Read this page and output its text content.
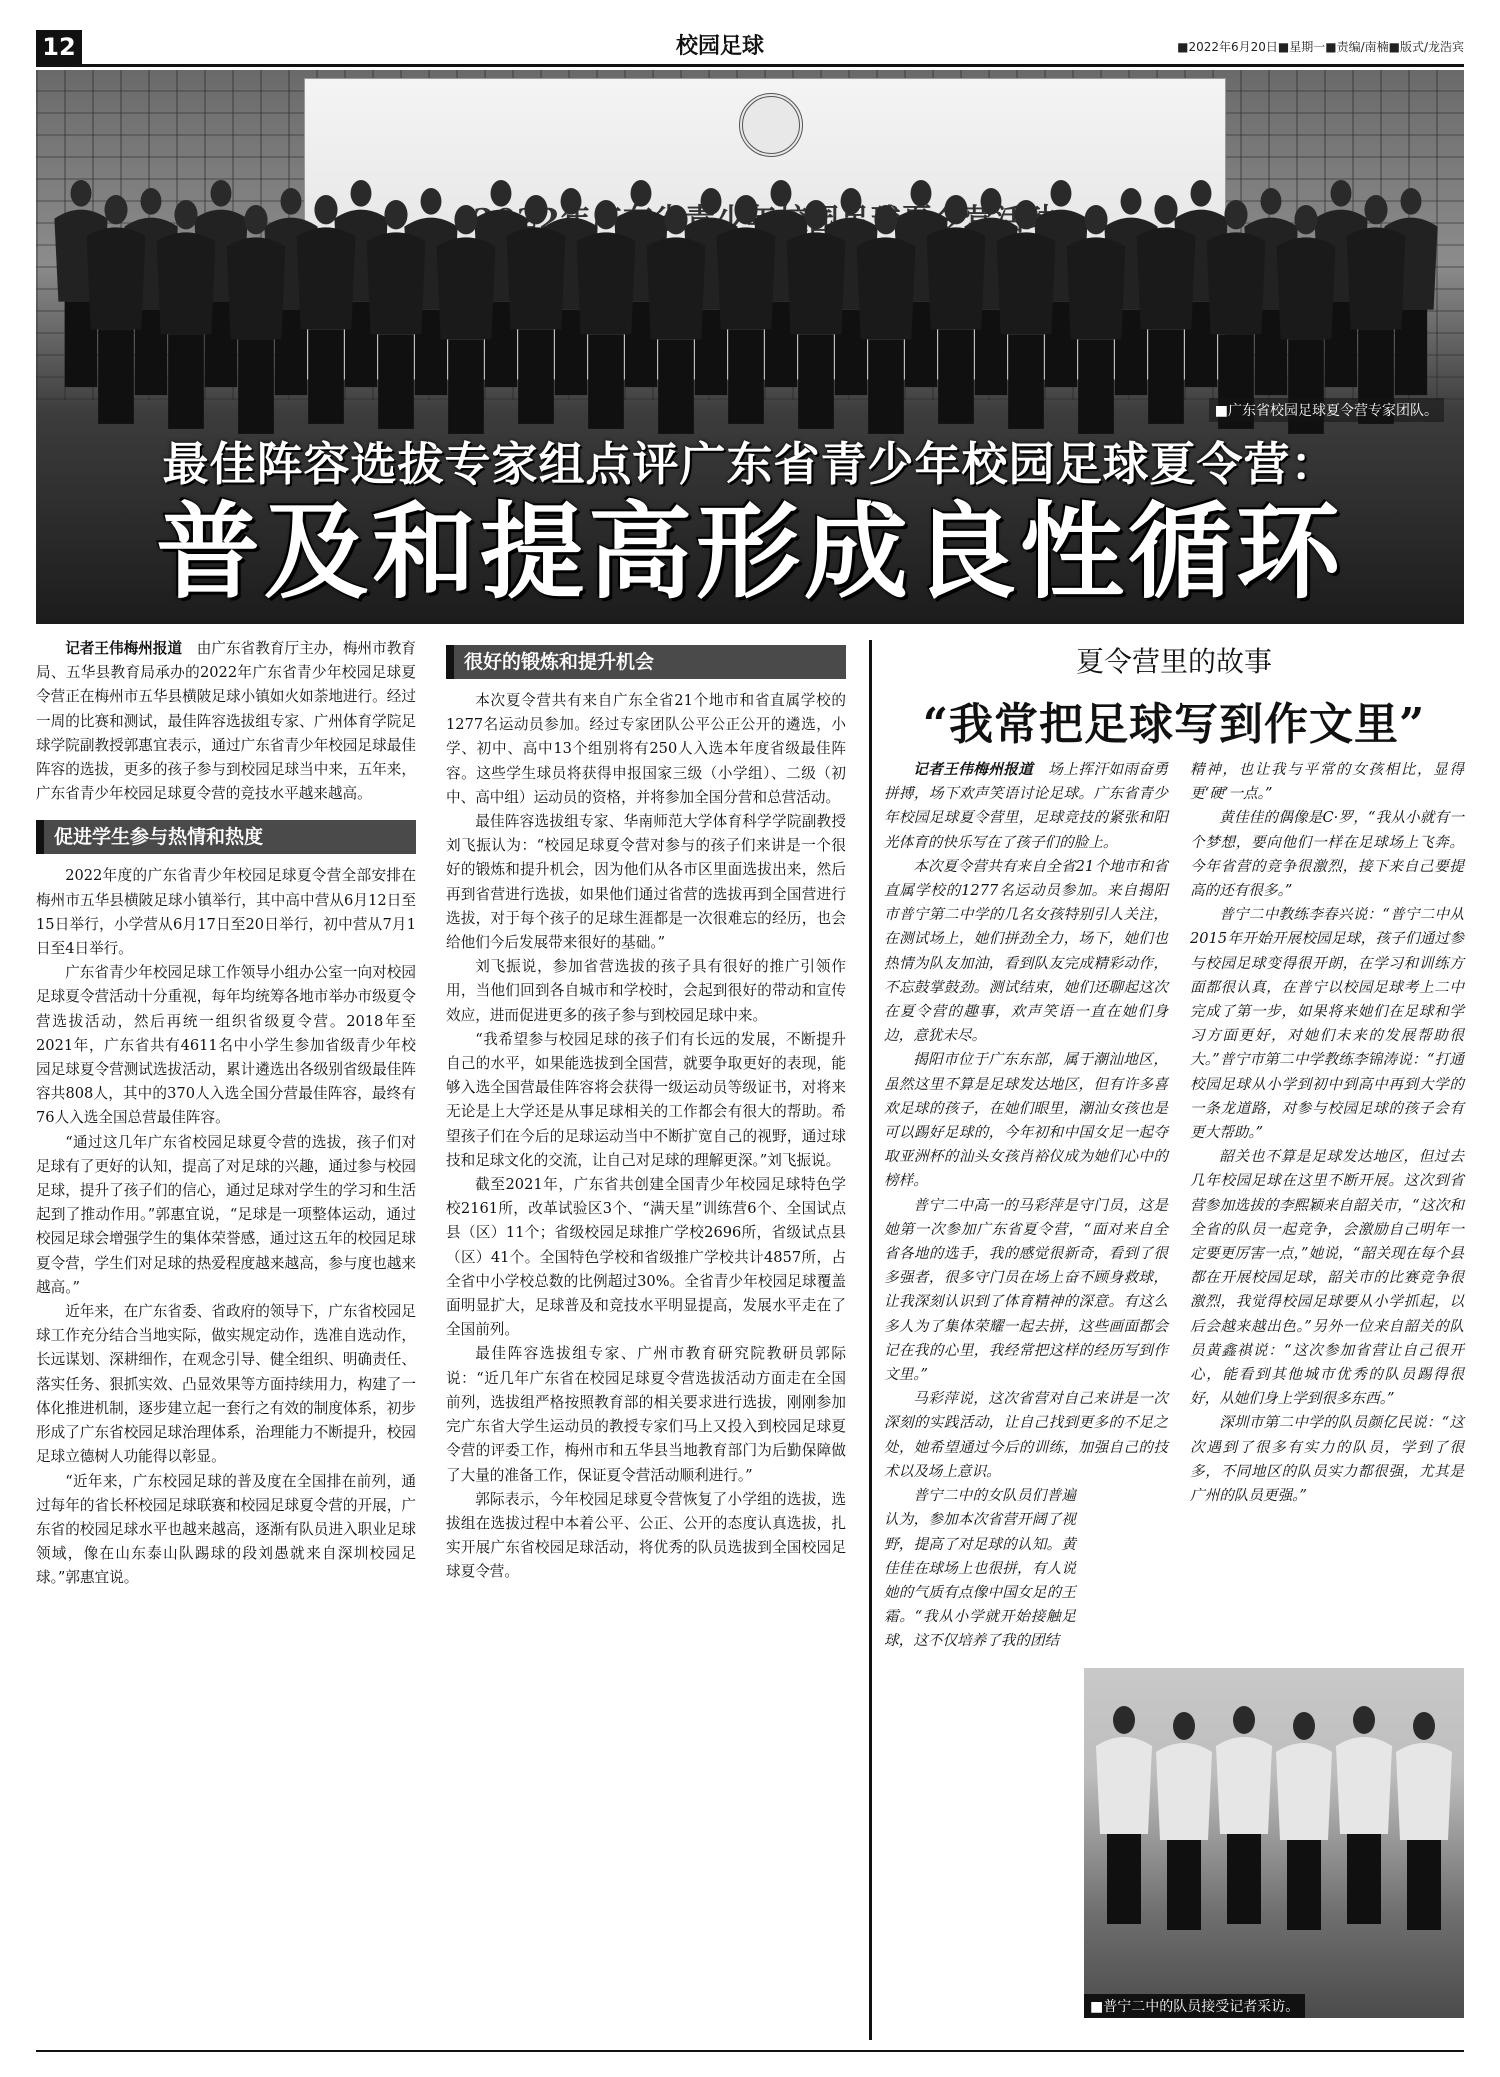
12	校园足球	■2022年6月20日■星期一■责编/南楠■版式/龙浩宾
■广东省校园足球夏令营专家团队。
最佳阵容选拔专家组点评广东省青少年校园足球夏令营：
普及和提高形成良性循环

记者王伟梅州报道　 由广东省教育厅主办，梅州市教育局、五华县教育局承办的2022年广东省青少年校园足球夏令营正在梅州市五华县横陂足球小镇如火如荼地进行。经过一周的比赛和测试，最佳阵容选拔组专家、广州体育学院足球学院副教授郭惠宜表示，通过广东省青少年校园足球最佳阵容的选拔，更多的孩子参与到校园足球当中来，五年来，广东省青少年校园足球夏令营的竞技水平越来越高。

促进学生参与热情和热度

2022年度的广东省青少年校园足球夏令营全部安排在梅州市五华县横陂足球小镇举行，其中高中营从6月12日至15日举行，小学营从6月17日至20日举行，初中营从7月1日至4日举行。

广东省青少年校园足球工作领导小组办公室一向对校园足球夏令营活动十分重视，每年均统筹各地市举办市级夏令营选拔活动，然后再统一组织省级夏令营。2018年至2021年，广东省共有4611名中小学生参加省级青少年校园足球夏令营测试选拔活动，累计遴选出各级别省级最佳阵容共808人，其中的370人入选全国分营最佳阵容，最终有76人入选全国总营最佳阵容。

“通过这几年广东省校园足球夏令营的选拔，孩子们对足球有了更好的认知，提高了对足球的兴趣，通过参与校园足球，提升了孩子们的信心，通过足球对学生的学习和生活起到了推动作用。”郭惠宜说，“足球是一项整体运动，通过校园足球会增强学生的集体荣誉感，通过这五年的校园足球夏令营，学生们对足球的热爱程度越来越高，参与度也越来越高。”

近年来，在广东省委、省政府的领导下，广东省校园足球工作充分结合当地实际，做实规定动作，选准自选动作，长远谋划、深耕细作，在观念引导、健全组织、明确责任、落实任务、狠抓实效、凸显效果等方面持续用力，构建了一体化推进机制，逐步建立起一套行之有效的制度体系，初步形成了广东省校园足球治理体系，治理能力不断提升，校园足球立德树人功能得以彰显。

“近年来，广东校园足球的普及度在全国排在前列，通过每年的省长杯校园足球联赛和校园足球夏令营的开展，广东省的校园足球水平也越来越高，逐渐有队员进入职业足球领域，像在山东泰山队踢球的段刘愚就来自深圳校园足球。”郭惠宜说。

很好的锻炼和提升机会

本次夏令营共有来自广东全省21个地市和省直属学校的1277名运动员参加。经过专家团队公平公正公开的遴选，小学、初中、高中13个组别将有250人入选本年度省级最佳阵容。这些学生球员将获得申报国家三级（小学组）、二级（初中、高中组）运动员的资格，并将参加全国分营和总营活动。

最佳阵容选拔组专家、华南师范大学体育科学学院副教授刘飞振认为：“校园足球夏令营对参与的孩子们来讲是一个很好的锻炼和提升机会，因为他们从各市区里面选拔出来，然后再到省营进行选拔，如果他们通过省营的选拔再到全国营进行选拔，对于每个孩子的足球生涯都是一次很难忘的经历，也会给他们今后发展带来很好的基础。”

刘飞振说，参加省营选拔的孩子具有很好的推广引领作用，当他们回到各自城市和学校时，会起到很好的带动和宣传效应，进而促进更多的孩子参与到校园足球中来。

“我希望参与校园足球的孩子们有长远的发展，不断提升自己的水平，如果能选拔到全国营，就要争取更好的表现，能够入选全国营最佳阵容将会获得一级运动员等级证书，对将来无论是上大学还是从事足球相关的工作都会有很大的帮助。希望孩子们在今后的足球运动当中不断扩宽自己的视野，通过球技和足球文化的交流，让自己对足球的理解更深。”刘飞振说。

截至2021年，广东省共创建全国青少年校园足球特色学校2161所，改革试验区3个、“满天星”训练营6个、全国试点县（区）11个；省级校园足球推广学校2696所，省级试点县（区）41个。全国特色学校和省级推广学校共计4857所，占全省中小学校总数的比例超过30%。全省青少年校园足球覆盖面明显扩大，足球普及和竞技水平明显提高，发展水平走在了全国前列。

最佳阵容选拔组专家、广州市教育研究院教研员郭际说：“近几年广东省在校园足球夏令营选拔活动方面走在全国前列，选拔组严格按照教育部的相关要求进行选拔，刚刚参加完广东省大学生运动员的教授专家们马上又投入到校园足球夏令营的评委工作，梅州市和五华县当地教育部门为后勤保障做了大量的准备工作，保证夏令营活动顺利进行。”

郭际表示，今年校园足球夏令营恢复了小学组的选拔，选拔组在选拔过程中本着公平、公正、公开的态度认真选拔，扎实开展广东省校园足球活动，将优秀的队员选拔到全国校园足球夏令营。

夏令营里的故事
“我常把足球写到作文里”

记者王伟梅州报道　 场上挥汗如雨奋勇拼搏，场下欢声笑语讨论足球。广东省青少年校园足球夏令营里，足球竞技的紧张和阳光体育的快乐写在了孩子们的脸上。

本次夏令营共有来自全省21个地市和省直属学校的1277名运动员参加。来自揭阳市普宁第二中学的几名女孩特别引人关注，在测试场上，她们拼劲全力，场下，她们也热情为队友加油，看到队友完成精彩动作，不忘鼓掌鼓劲。测试结束，她们还聊起这次在夏令营的趣事，欢声笑语一直在她们身边，意犹未尽。

揭阳市位于广东东部，属于潮汕地区，虽然这里不算是足球发达地区，但有许多喜欢足球的孩子，在她们眼里，潮汕女孩也是可以踢好足球的，今年初和中国女足一起夺取亚洲杯的汕头女孩肖裕仪成为她们心中的榜样。

普宁二中高一的马彩萍是守门员，这是她第一次参加广东省夏令营，“面对来自全省各地的选手，我的感觉很新奇，看到了很多强者，很多守门员在场上奋不顾身救球，让我深刻认识到了体育精神的深意。有这么多人为了集体荣耀一起去拼，这些画面都会记在我的心里，我经常把这样的经历写到作文里。”

马彩萍说，这次省营对自己来讲是一次深刻的实践活动，让自己找到更多的不足之处，她希望通过今后的训练，加强自己的技术以及场上意识。

普宁二中的女队员们普遍认为，参加本次省营开阔了视野，提高了对足球的认知。黄佳佳在球场上也很拼，有人说她的气质有点像中国女足的王霜。“我从小学就开始接触足球，这不仅培养了我的团结

精神，也让我与平常的女孩相比，显得更‘硬’一点。”

黄佳佳的偶像是C·罗，“我从小就有一个梦想，要向他们一样在足球场上飞奔。今年省营的竞争很激烈，接下来自己要提高的还有很多。”

普宁二中教练李春兴说：“普宁二中从2015年开始开展校园足球，孩子们通过参与校园足球变得很开朗，在学习和训练方面都很认真，在普宁以校园足球考上二中完成了第一步，如果将来她们在足球和学习方面更好，对她们未来的发展帮助很大。”普宁市第二中学教练李锦涛说：“打通校园足球从小学到初中到高中再到大学的一条龙道路，对参与校园足球的孩子会有更大帮助。”

韶关也不算是足球发达地区，但过去几年校园足球在这里不断开展。这次到省营参加选拔的李熙颖来自韶关市，“这次和全省的队员一起竞争，会激励自己明年一定要更厉害一点，”她说，“韶关现在每个县都在开展校园足球，韶关市的比赛竞争很激烈，我觉得校园足球要从小学抓起，以后会越来越出色。”另外一位来自韶关的队员黄鑫祺说：“这次参加省营让自己很开心，能看到其他城市优秀的队员踢得很好，从她们身上学到很多东西。”

深圳市第二中学的队员颜亿民说：“这次遇到了很多有实力的队员，学到了很多，不同地区的队员实力都很强，尤其是广州的队员更强。”

■普宁二中的队员接受记者采访。
